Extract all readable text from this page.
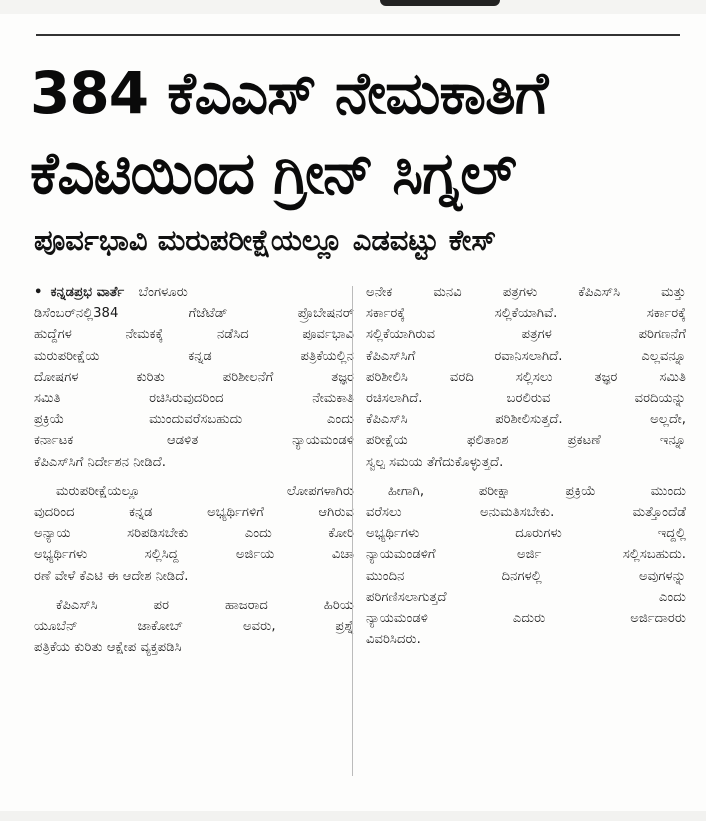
384 ಕೆಎಎಸ್ ನೇಮಕಾತಿಗೆ
ಕೆಎಟಿಯಿಂದ ಗ್ರೀನ್ ಸಿಗ್ನಲ್
ಪೂರ್ವಭಾವಿ ಮರುಪರೀಕ್ಷೆಯಲ್ಲೂ ಎಡವಟ್ಟು ಕೇಸ್
• ಕನ್ನಡಪ್ರಭ ವಾರ್ತೆ ಬೆಂಗಳೂರು
ಡಿಸೆಂಬರ್‌ನಲ್ಲಿ384 ಗೆಜೆಟೆಡ್ ಪ್ರೊಬೇಷನರ್
ಹುದ್ದೆಗಳ ನೇಮಕಕ್ಕೆ ನಡೆಸಿದ ಪೂರ್ವಭಾವಿ
ಮರುಪರೀಕ್ಷೆಯ ಕನ್ನಡ ಪತ್ರಿಕೆಯಲ್ಲಿನ
ದೋಷಗಳ ಕುರಿತು ಪರಿಶೀಲನೆಗೆ ತಜ್ಞರ
ಸಮಿತಿ ರಚಿಸಿರುವುದರಿಂದ ನೇಮಕಾತಿ
ಪ್ರಕ್ರಿಯೆ ಮುಂದುವರೆಸಬಹುದು ಎಂದು
ಕರ್ನಾಟಕ ಆಡಳಿತ ನ್ಯಾಯಮಂಡಳಿ
ಕೆಪಿಎಸ್‌ಸಿಗೆ ನಿರ್ದೇಶನ ನೀಡಿದೆ.
ಮರುಪರೀಕ್ಷೆಯಲ್ಲೂ ಲೋಪಗಳಾಗಿರು
ವುದರಿಂದ ಕನ್ನಡ ಅಭ್ಯರ್ಥಿಗಳಿಗೆ ಆಗಿರುವ
ಅನ್ಯಾಯ ಸರಿಪಡಿಸಬೇಕು ಎಂದು ಕೋರಿ
ಅಭ್ಯರ್ಥಿಗಳು ಸಲ್ಲಿಸಿದ್ದ ಅರ್ಜಿಯ ವಿಚಾ
ರಣೆ ವೇಳೆ ಕೆಎಟಿ ಈ ಆದೇಶ ನೀಡಿದೆ.
ಕೆಪಿಎಸ್‌ಸಿ ಪರ ಹಾಜರಾದ ಹಿರಿಯ
ಯೂಬೆನ್ ಜಾಕೋಬ್ ಅವರು, ಪ್ರಶ್ನೆ
ಪತ್ರಿಕೆಯ ಕುರಿತು ಆಕ್ಷೇಪ ವ್ಯಕ್ತಪಡಿಸಿ
ಅನೇಕ ಮನವಿ ಪತ್ರಗಳು ಕೆಪಿಎಸ್‌ಸಿ ಮತ್ತು
ಸರ್ಕಾರಕ್ಕೆ ಸಲ್ಲಿಕೆಯಾಗಿವೆ. ಸರ್ಕಾರಕ್ಕೆ
ಸಲ್ಲಿಕೆಯಾಗಿರುವ ಪತ್ರಗಳ ಪರಿಗಣನೆಗೆ
ಕೆಪಿಎಸ್‌ಸಿಗೆ ರವಾನಿಸಲಾಗಿದೆ. ಎಲ್ಲವನ್ನೂ
ಪರಿಶೀಲಿಸಿ ವರದಿ ಸಲ್ಲಿಸಲು ತಜ್ಞರ ಸಮಿತಿ
ರಚಿಸಲಾಗಿದೆ. ಬರಲಿರುವ ವರದಿಯನ್ನು
ಕೆಪಿಎಸ್‌ಸಿ ಪರಿಶೀಲಿಸುತ್ತದೆ. ಅಲ್ಲದೇ,
ಪರೀಕ್ಷೆಯ ಫಲಿತಾಂಶ ಪ್ರಕಟಣೆ ಇನ್ನೂ
ಸ್ವಲ್ಪ ಸಮಯ ತೆಗೆದುಕೊಳ್ಳುತ್ತದೆ.
ಹೀಗಾಗಿ, ಪರೀಕ್ಷಾ ಪ್ರಕ್ರಿಯೆ ಮುಂದು
ವರೆಸಲು ಅನುಮತಿಸಬೇಕು. ಮತ್ತೊಂದೆಡೆ
ಅಭ್ಯರ್ಥಿಗಳು ದೂರುಗಳು ಇದ್ದಲ್ಲಿ
ನ್ಯಾಯಮಂಡಳಿಗೆ ಅರ್ಜಿ ಸಲ್ಲಿಸಬಹುದು.
ಮುಂದಿನ ದಿನಗಳಲ್ಲಿ ಅವುಗಳನ್ನು
ಪರಿಗಣಿಸಲಾಗುತ್ತದೆ ಎಂದು
ನ್ಯಾಯಮಂಡಳಿ ಎದುರು ಅರ್ಜಿದಾರರು
ವಿವರಿಸಿದರು.
